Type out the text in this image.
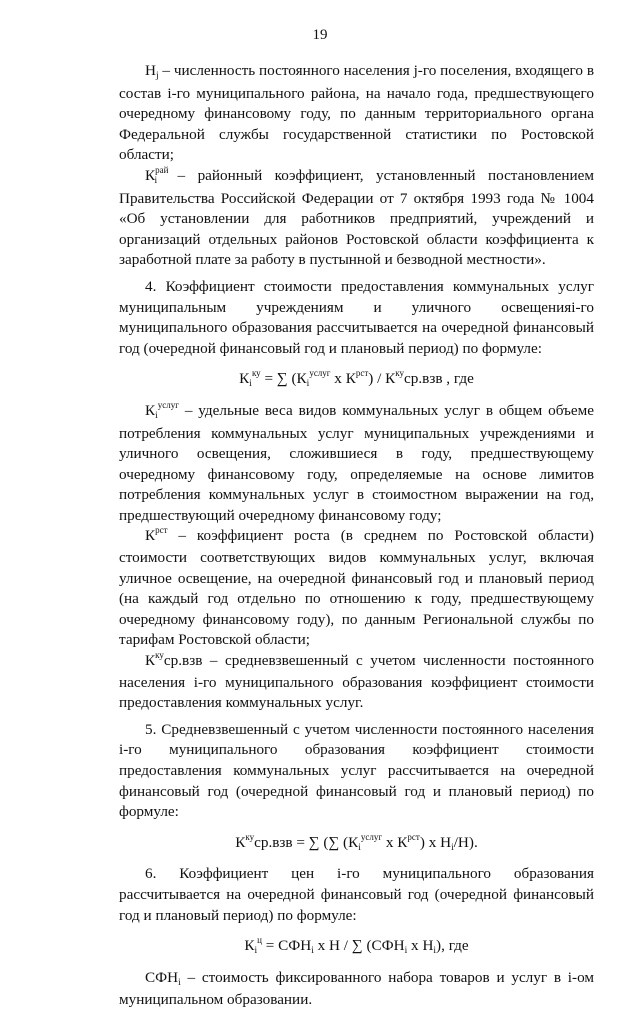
19

$Н_j$ – численность постоянного населения j-го поселения, входящего в состав i-го муниципального района, на начало года, предшествующего очередному финансовому году, по данным территориального органа Федеральной службы государственной статистики по Ростовской области;

$К^{рай}_i$ – районный коэффициент, установленный постановлением Правительства Российской Федерации от 7 октября 1993 года № 1004 «Об установлении для работников предприятий, учреждений и организаций отдельных районов Ростовской области коэффициента к заработной плате за работу в пустынной и безводной местности».

4. Коэффициент стоимости предоставления коммунальных услуг муниципальным учреждениям и уличного освещенияi-го муниципального образования рассчитывается на очередной финансовый год (очередной финансовый год и плановый период) по формуле:

$К_i^{ку}$ = ∑ ($К_i^{услуг}$ х $К^{рст}) / К^{ку}ср.взв$ , где

$К_i^{услуг}$ – удельные веса видов коммунальных услуг в общем объеме потребления коммунальных услуг муниципальных учреждениями и уличного освещения, сложившиеся в году, предшествующему очередному финансовому году, определяемые на основе лимитов потребления коммунальных услуг в стоимостном выражении на год, предшествующий очередному финансовому году;

$К^{рст}$ – коэффициент роста (в среднем по Ростовской области) стоимости соответствующих видов коммунальных услуг, включая уличное освещение, на очередной финансовый год и плановый период (на каждый год отдельно по отношению к году, предшествующему очередному финансовому году), по данным Региональной службы по тарифам Ростовской области;

$К^{ку}ср.взв$ – средневзвешенный с учетом численности постоянного населения i-го муниципального образования коэффициент стоимости предоставления коммунальных услуг.

5. Средневзвешенный с учетом численности постоянного населения i-го муниципального образования коэффициент стоимости предоставления коммунальных услуг рассчитывается на очередной финансовый год (очередной финансовый год и плановый период) по формуле:

$К^{ку}ср.взв$ = ∑ (∑ ($К_i^{услуг}$ х $К^{рст}$) х $Н_i/Н$).

6. Коэффициент цен i-го муниципального образования рассчитывается на очередной финансовый год (очередной финансовый год и плановый период) по формуле:

$К_i^ц = СФН_i$ х Н / ∑ ($СФН_i$ х $Н_i$), где

$СФН_i$ – стоимость фиксированного набора товаров и услуг в i-ом муниципальном образовании.
